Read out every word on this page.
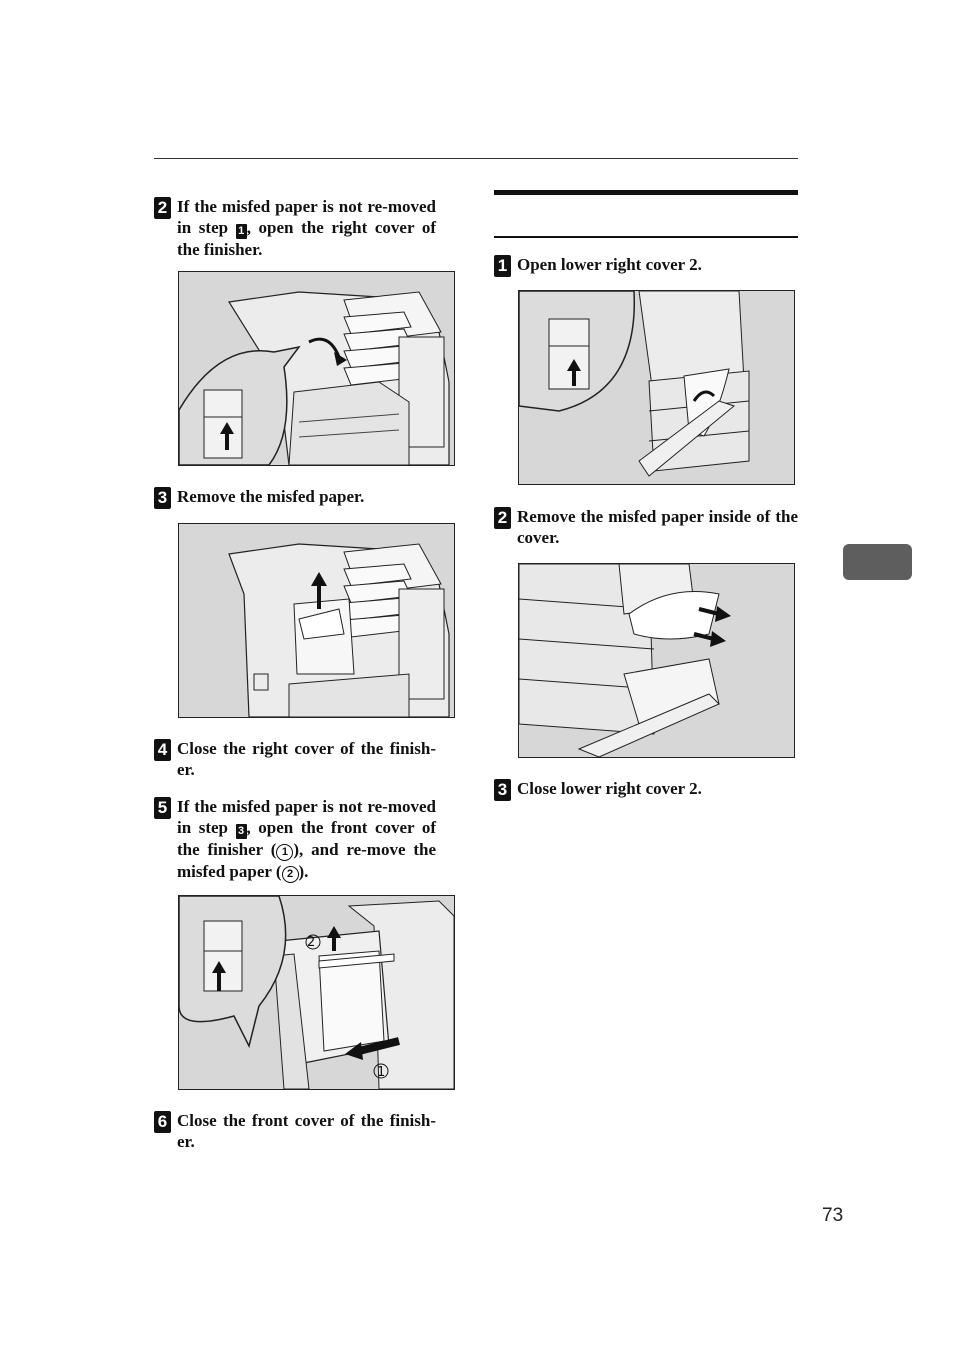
2 If the misfed paper is not re-moved in step 1 , open the right cover of the finisher.
3 Remove the misfed paper.
4 Close the right cover of the finish-er.
5 If the misfed paper is not re-moved in step 3 , open the front cover of the finisher ( 1 ), and re-move the misfed paper ( 2 ).
2
1
6 Close the front cover of the finish-er.
1 Open lower right cover 2.
2 Remove the misfed paper inside of the cover.
3 Close lower right cover 2.
73
